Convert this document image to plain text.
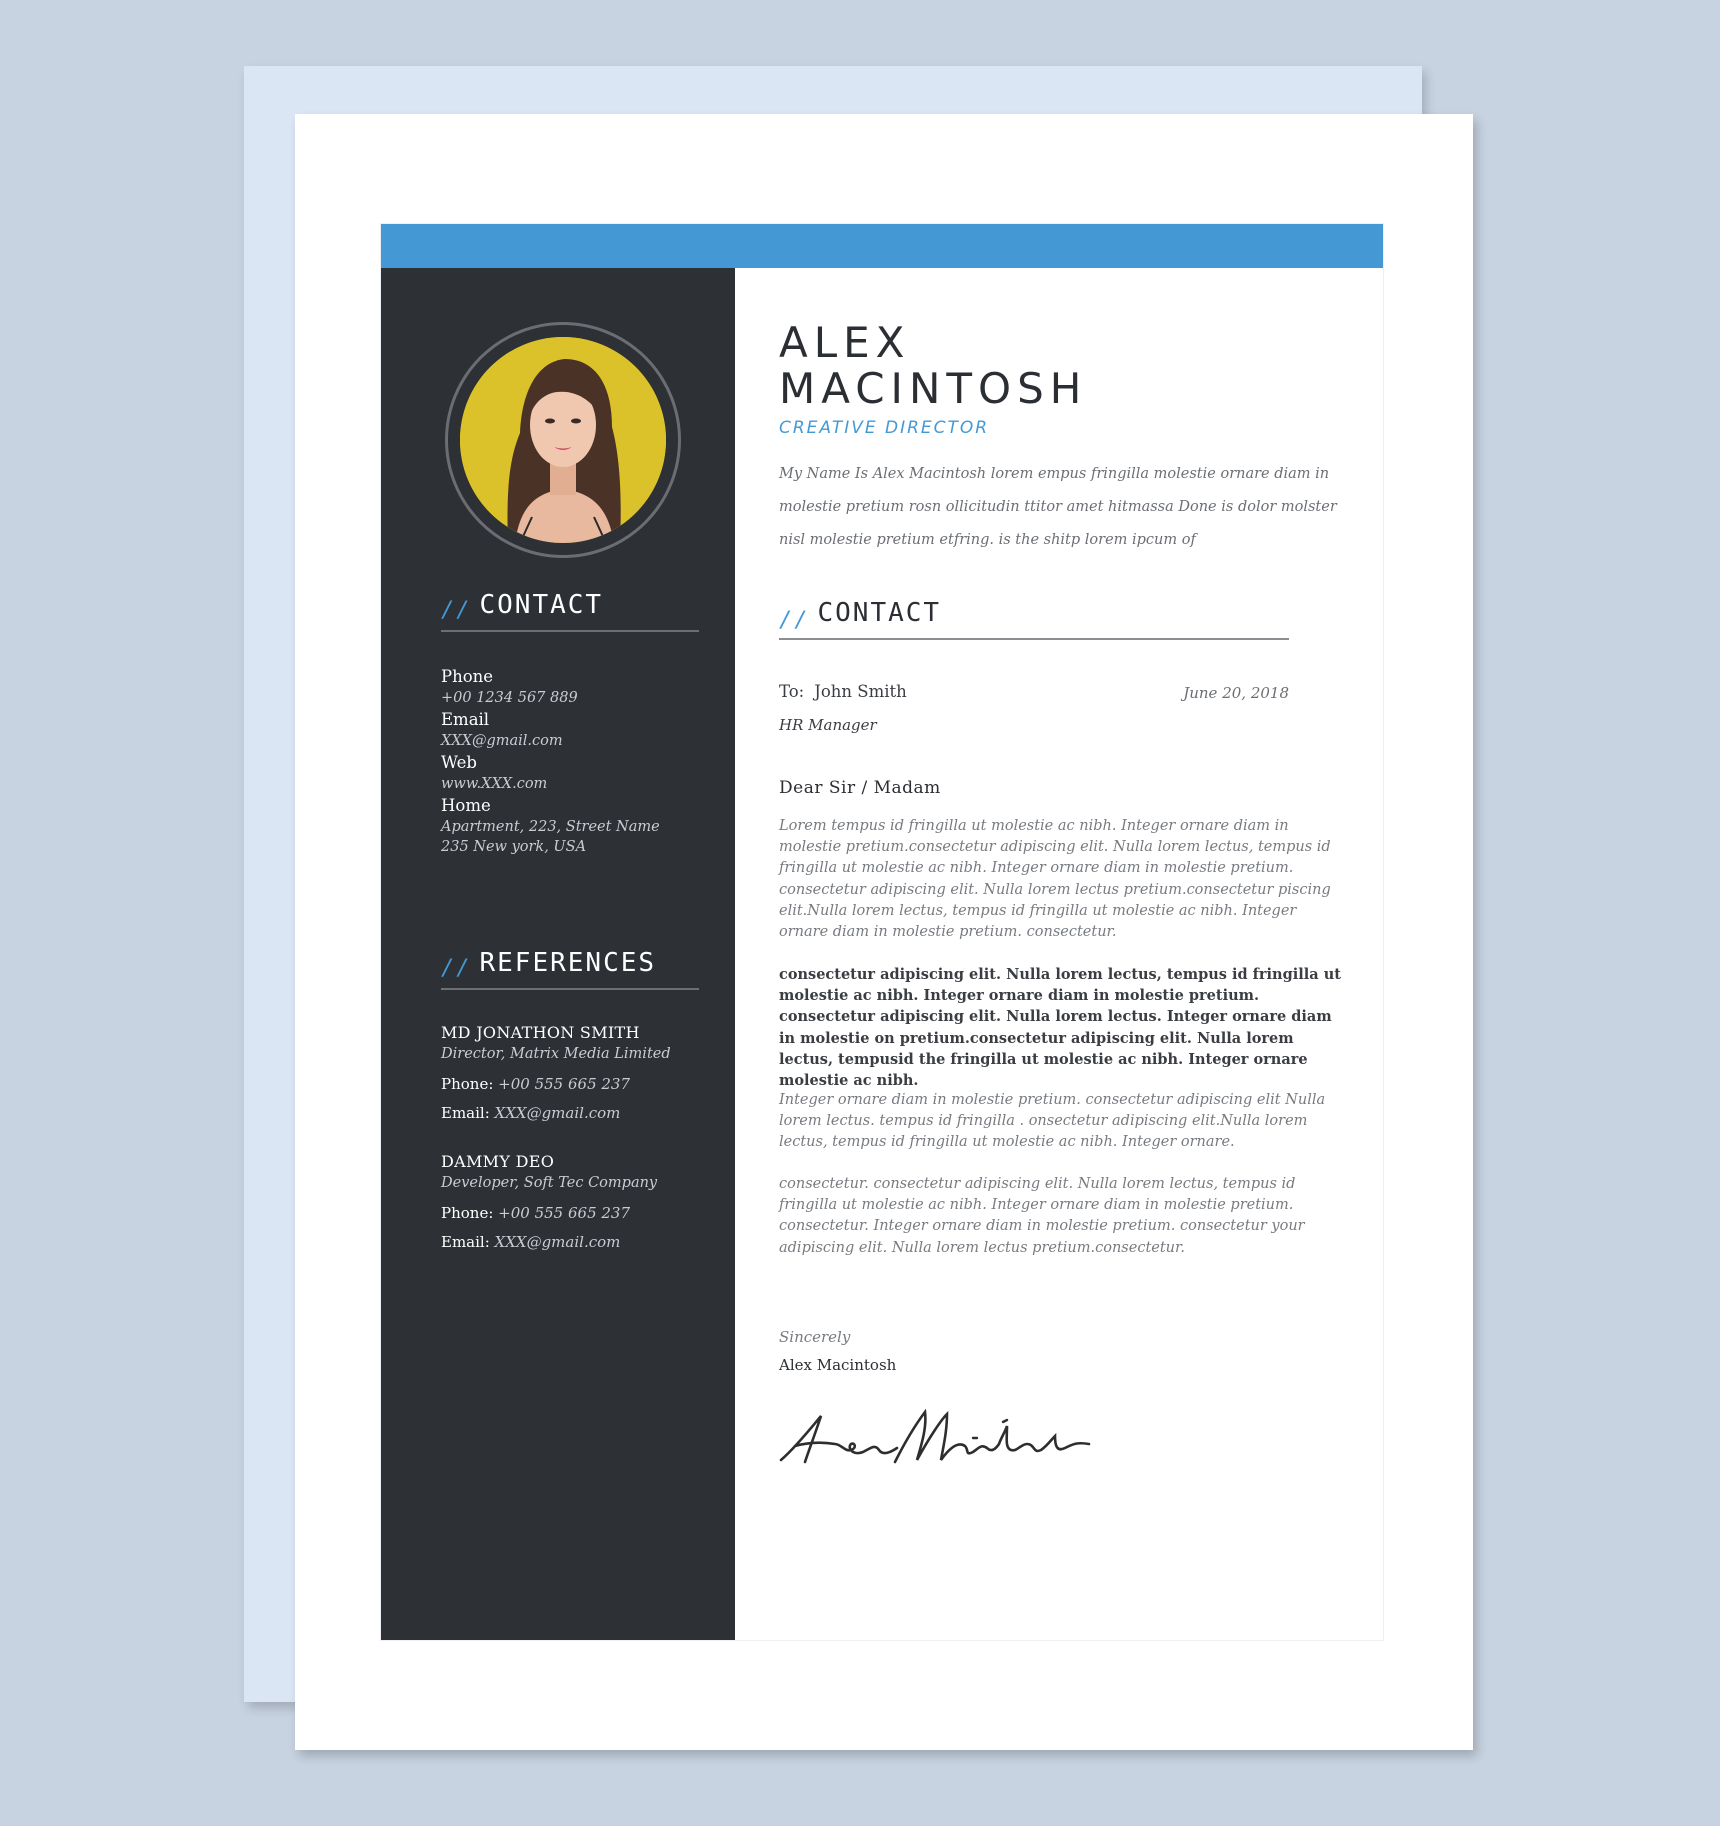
// CONTACT
Phone
+00 1234 567 889
Email
XXX@gmail.com
Web
www.XXX.com
Home
Apartment, 223, Street Name
235 New york, USA
// REFERENCES
MD JONATHON SMITH
Director, Matrix Media Limited
Phone: +00 555 665 237
Email: XXX@gmail.com
DAMMY DEO
Developer, Soft Tec Company
Phone: +00 555 665 237
Email: XXX@gmail.com
ALEX
MACINTOSH
CREATIVE DIRECTOR
My Name Is Alex Macintosh lorem empus fringilla molestie ornare diam in molestie pretium rosn ollicitudin ttitor amet hitmassa Done is dolor molster nisl molestie pretium etfring. is the shitp lorem ipcum of
$_{//}$ CONTACT
To: John Smith	June 20, 2018
HR Manager
Dear Sir / Madam
Lorem tempus id fringilla ut molestie ac nibh. Integer ornare diam in molestie pretium.consectetur adipiscing elit. Nulla lorem lectus, tempus id fringilla ut molestie ac nibh. Integer ornare diam in molestie pretium. consectetur adipiscing elit. Nulla lorem lectus pretium.consectetur piscing elit.Nulla lorem lectus, tempus id fringilla ut molestie ac nibh. Integer ornare diam in molestie pretium. consectetur.
consectetur adipiscing elit. Nulla lorem lectus, tempus id fringilla ut molestie ac nibh. Integer ornare diam in molestie pretium. consectetur adipiscing elit. Nulla lorem lectus. Integer ornare diam in molestie on pretium.consectetur adipiscing elit. Nulla lorem lectus, tempusid the fringilla ut molestie ac nibh. Integer ornare molestie ac nibh.
Integer ornare diam in molestie pretium. consectetur adipiscing elit Nulla lorem lectus. tempus id fringilla . onsectetur adipiscing elit.Nulla lorem lectus, tempus id fringilla ut molestie ac nibh. Integer ornare.
consectetur. consectetur adipiscing elit. Nulla lorem lectus, tempus id fringilla ut molestie ac nibh. Integer ornare diam in molestie pretium. consectetur. Integer ornare diam in molestie pretium. consectetur your adipiscing elit. Nulla lorem lectus pretium.consectetur.
Sincerely
Alex Macintosh
